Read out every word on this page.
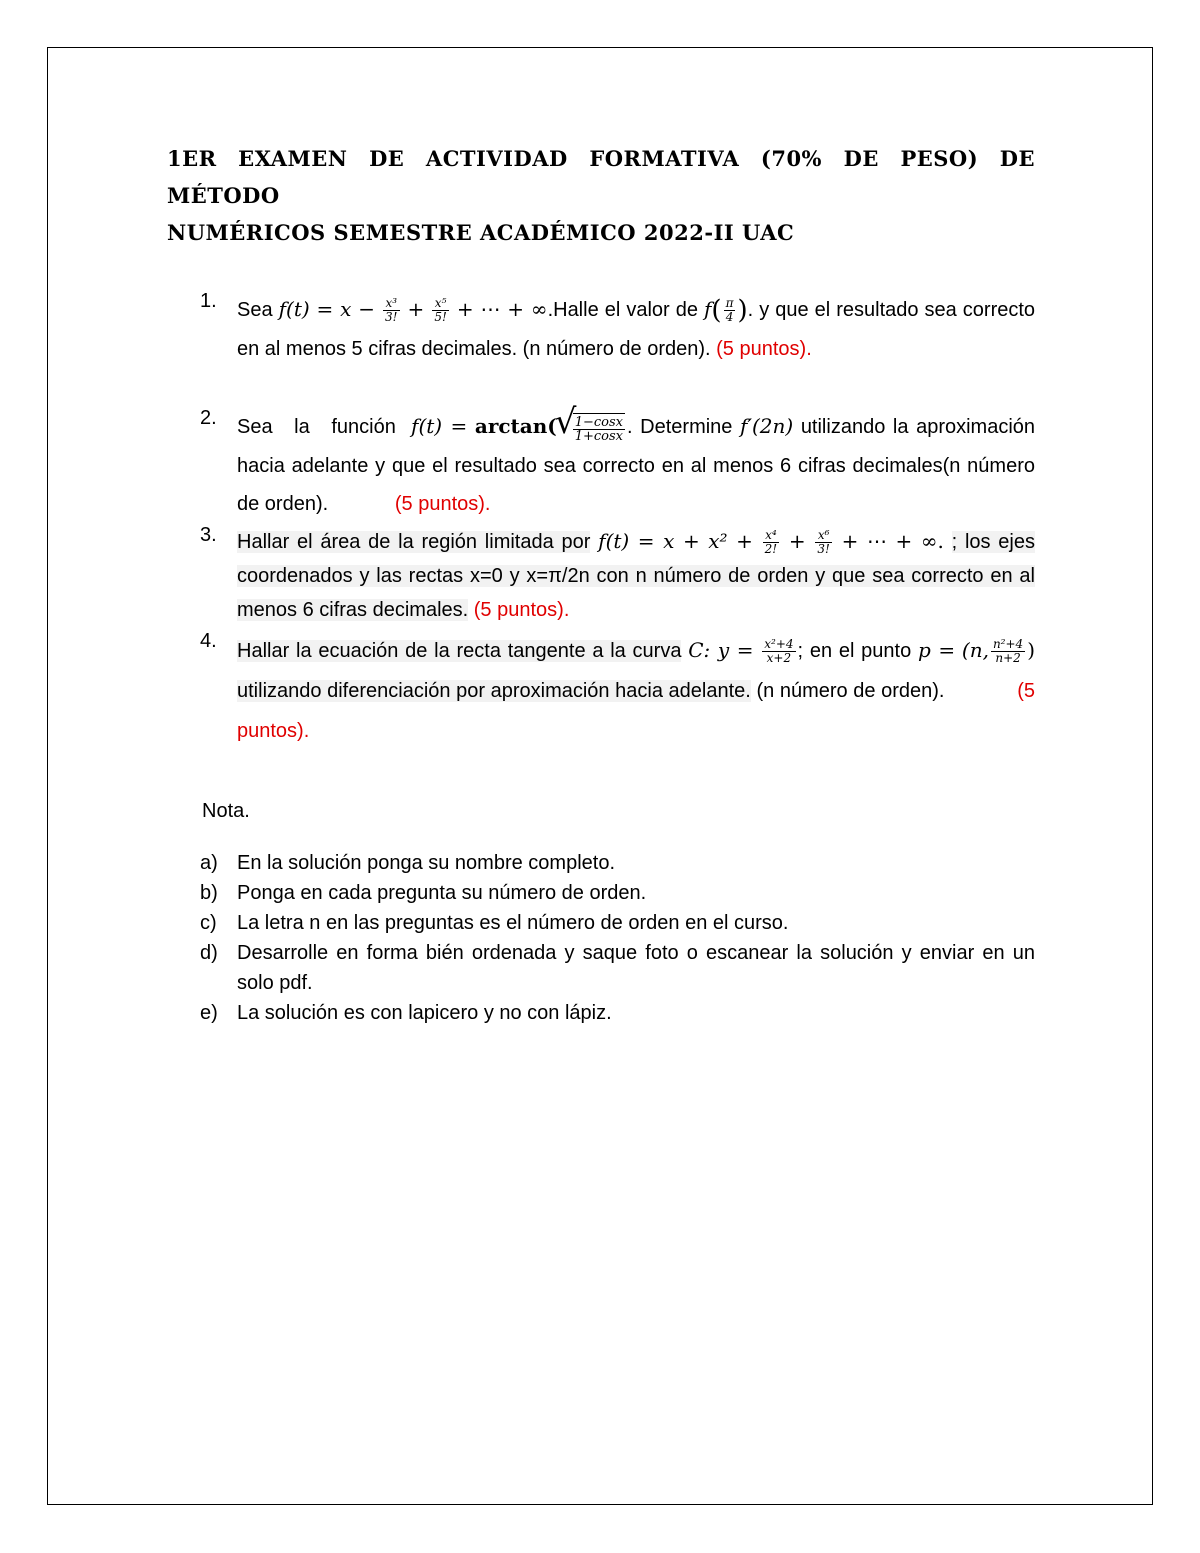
1ER EXAMEN DE ACTIVIDAD FORMATIVA (70% DE PESO) DE MÉTODO
NUMÉRICOS SEMESTRE ACADÉMICO 2022-II UAC
1. Sea $f(t) = x - \frac{\text{x³}}{3!} + \frac{\text{x⁵}}{5!}$ + ⋯ + ∞.Halle el valor de $f( \frac{\pi}{4}$ ). y que el resultado sea correcto en al menos 5 cifras decimales. (n número de orden). (5 puntos).
2. Sea la función f(t) = arctan(
√ $\frac{1-\cos x}{1+\cos x}$ . Determine f′(2n) utilizando la aproximación hacia adelante y que el resultado sea correcto en al menos 6 cifras decimales(n número de orden).	(5 puntos).
3. Hallar el área de la región limitada por $f(t) = x + x^2 + \frac{\text{x⁴}}{2!} + \frac{\text{x⁶}}{3!}$ + ⋯ + ∞. ; los ejes coordenados y las rectas x=0 y x=π/2n con n número de orden y que sea correcto en al menos 6 cifras decimales. (5 puntos).
4. Hallar la ecuación de la recta tangente a la curva C: $y = \frac{\text{x²+4}}{x+2}$ ; en el punto p = (n, $\frac{\text{n²+4}}{n+2}$ ) utilizando diferenciación por aproximación hacia adelante. (n número de orden).	(5 puntos).
Nota.
a) En la solución ponga su nombre completo.
b) Ponga en cada pregunta su número de orden.
c) La letra n en las preguntas es el número de orden en el curso.
d) Desarrolle en forma bién ordenada y saque foto o escanear la solución y enviar en un solo pdf.
e) La solución es con lapicero y no con lápiz.
